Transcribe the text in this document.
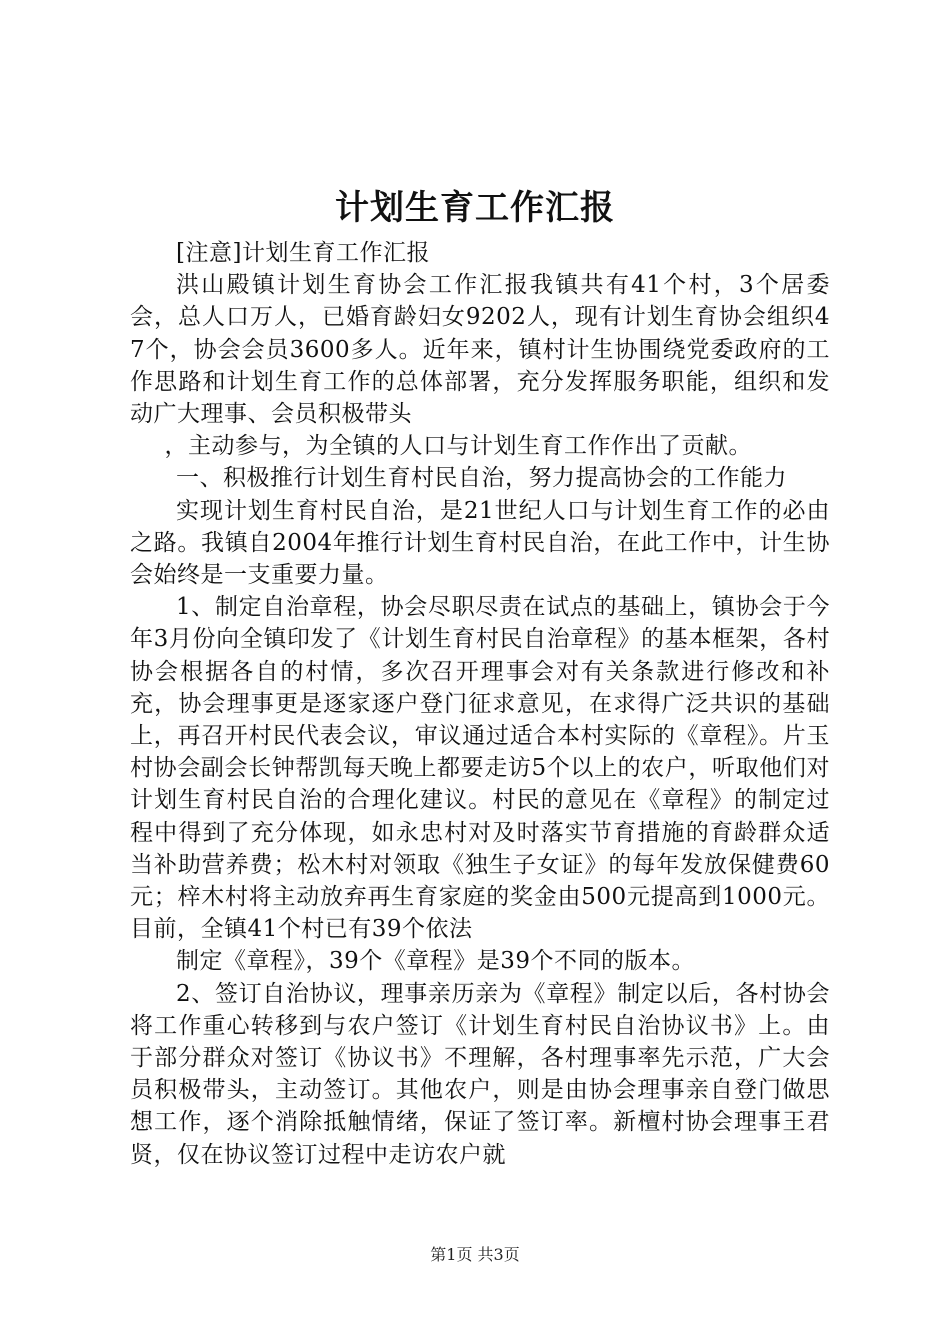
计划生育工作汇报

[注意]计划生育工作汇报

洪山殿镇计划生育协会工作汇报我镇共有41个村，3个居委会，总人口万人，已婚育龄妇女9202人，现有计划生育协会组织47个，协会会员3600多人。近年来，镇村计生协围绕党委政府的工作思路和计划生育工作的总体部署，充分发挥服务职能，组织和发动广大理事、会员积极带头

，主动参与，为全镇的人口与计划生育工作作出了贡献。

一、积极推行计划生育村民自治，努力提高协会的工作能力

实现计划生育村民自治，是21世纪人口与计划生育工作的必由之路。我镇自2004年推行计划生育村民自治，在此工作中，计生协会始终是一支重要力量。

1、制定自治章程，协会尽职尽责在试点的基础上，镇协会于今年3月份向全镇印发了《计划生育村民自治章程》的基本框架，各村协会根据各自的村情，多次召开理事会对有关条款进行修改和补充，协会理事更是逐家逐户登门征求意见，在求得广泛共识的基础上，再召开村民代表会议，审议通过适合本村实际的《章程》。片玉村协会副会长钟帮凯每天晚上都要走访5个以上的农户，听取他们对计划生育村民自治的合理化建议。村民的意见在《章程》的制定过程中得到了充分体现，如永忠村对及时落实节育措施的育龄群众适当补助营养费；松木村对领取《独生子女证》的每年发放保健费60元；梓木村将主动放弃再生育家庭的奖金由500元提高到1000元。目前，全镇41个村已有39个依法

制定《章程》，39个《章程》是39个不同的版本。

2、签订自治协议，理事亲历亲为《章程》制定以后，各村协会将工作重心转移到与农户签订《计划生育村民自治协议书》上。由于部分群众对签订《协议书》不理解，各村理事率先示范，广大会员积极带头，主动签订。其他农户，则是由协会理事亲自登门做思想工作，逐个消除抵触情绪，保证了签订率。新檀村协会理事王君贤，仅在协议签订过程中走访农户就

第1页 共3页
